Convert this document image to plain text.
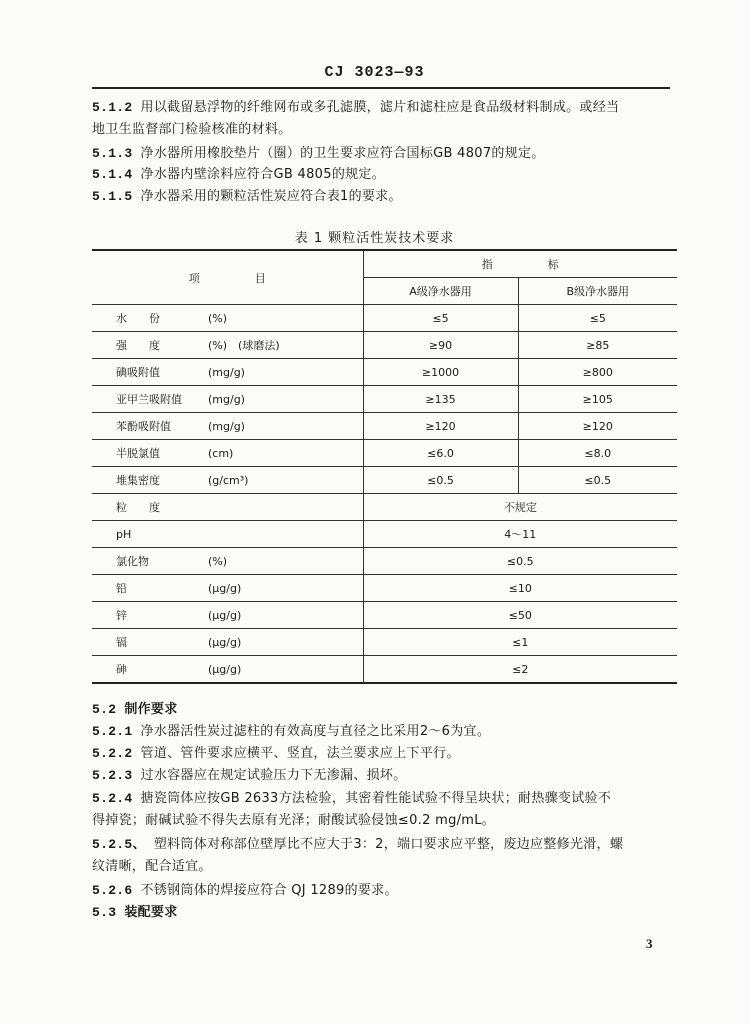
CJ 3023—93
5.1.2 用以截留悬浮物的纤维网布或多孔滤膜，滤片和滤柱应是食品级材料制成。或经当
地卫生监督部门检验核准的材料。
5.1.3 净水器所用橡胶垫片（圈）的卫生要求应符合国标GB 4807的规定。
5.1.4 净水器内壁涂料应符合GB 4805的规定。
5.1.5 净水器采用的颗粒活性炭应符合表1的要求。
表 1 颗粒活性炭技术要求
项　　　　　目	指　　　　　标	
	A级净水器用	B级净水器用
水　　份 (%)	≤5	≤5
强　　度 (%)　(球磨法)	≥90	≥85
碘吸附值 (mg/g)	≥1000	≥800
亚甲兰吸附值 (mg/g)	≥135	≥105
苯酚吸附值 (mg/g)	≥120	≥120
半脱氯值 (cm)	≤6.0	≤8.0
堆集密度 (g/cm³)	≤0.5	≤0.5
粒　　度	不规定	
pH	4～11	
氯化物 (%)	≤0.5	
铅 (μg/g)	≤10	
锌 (μg/g)	≤50	
镉 (μg/g)	≤1	
砷 (μg/g)	≤2	
5.2 制作要求
5.2.1 净水器活性炭过滤柱的有效高度与直径之比采用2～6为宜。
5.2.2 管道、管件要求应横平、竖直，法兰要求应上下平行。
5.2.3 过水容器应在规定试验压力下无渗漏、损坏。
5.2.4 搪瓷筒体应按GB 2633方法检验，其密着性能试验不得呈块状；耐热骤变试验不
得掉瓷；耐碱试验不得失去原有光泽；耐酸试验侵蚀≤0.2 mg/mL。
5.2.5、 塑料筒体对称部位壁厚比不应大于3：2，端口要求应平整，废边应整修光滑，螺
纹清晰，配合适宜。
5.2.6 不锈钢筒体的焊接应符合 QJ 1289的要求。
5.3 装配要求
3
